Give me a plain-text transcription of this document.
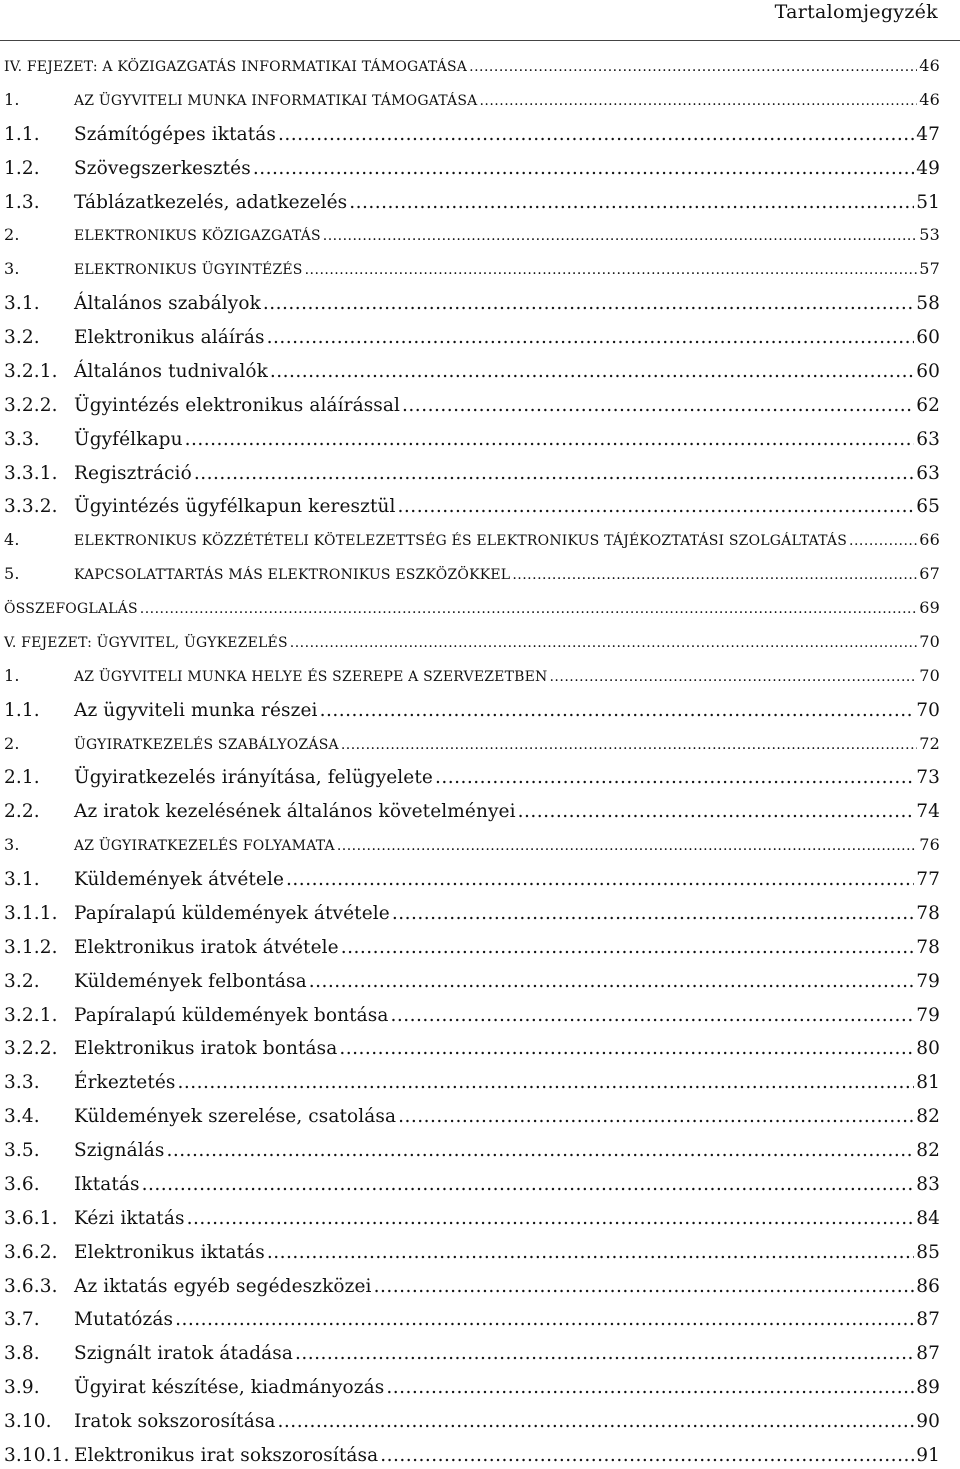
Tartalomjegyzék
IV. FEJEZET: A KÖZIGAZGATÁS INFORMATIKAI TÁMOGATÁSA .....	46
1.	AZ ÜGYVITELI MUNKA INFORMATIKAI TÁMOGATÁSA .....	46
1.1.	Számítógépes iktatás .....	47
1.2.	Szövegszerkesztés .....	49
1.3.	Táblázatkezelés, adatkezelés .....	51
2.	ELEKTRONIKUS KÖZIGAZGATÁS .....	53
3.	ELEKTRONIKUS ÜGYINTÉZÉS .....	57
3.1.	Általános szabályok .....	58
3.2.	Elektronikus aláírás .....	60
3.2.1. Általános tudnivalók .....	60
3.2.2. Ügyintézés elektronikus aláírással .....	62
3.3.	Ügyfélkapu .....	63
3.3.1. Regisztráció .....	63
3.3.2. Ügyintézés ügyfélkapun keresztül .....	65
4.	ELEKTRONIKUS KÖZZÉTÉTELI KÖTELEZETTSÉG ÉS ELEKTRONIKUS TÁJÉKOZTATÁSI SZOLGÁLTATÁS .....	66
5.	KAPCSOLATTARTÁS MÁS ELEKTRONIKUS ESZKÖZÖKKEL .....	67
ÖSSZEFOGLALÁS .....	69
V. FEJEZET: ÜGYVITEL, ÜGYKEZELÉS .....	70
1.	AZ ÜGYVITELI MUNKA HELYE ÉS SZEREPE A SZERVEZETBEN .....	70
1.1.	Az ügyviteli munka részei .....	70
2.	ÜGYIRATKEZELÉS SZABÁLYOZÁSA .....	72
2.1.	Ügyiratkezelés irányítása, felügyelete .....	73
2.2.	Az iratok kezelésének általános követelményei .....	74
3.	AZ ÜGYIRATKEZELÉS FOLYAMATA .....	76
3.1.	Küldemények átvétele .....	77
3.1.1. Papíralapú küldemények átvétele .....	78
3.1.2. Elektronikus iratok átvétele .....	78
3.2.	Küldemények felbontása .....	79
3.2.1. Papíralapú küldemények bontása .....	79
3.2.2. Elektronikus iratok bontása .....	80
3.3.	Érkeztetés .....	81
3.4.	Küldemények szerelése, csatolása .....	82
3.5.	Szignálás .....	82
3.6.	Iktatás .....	83
3.6.1. Kézi iktatás .....	84
3.6.2. Elektronikus iktatás .....	85
3.6.3. Az iktatás egyéb segédeszközei .....	86
3.7.	Mutatózás .....	87
3.8.	Szignált iratok átadása .....	87
3.9.	Ügyirat készítése, kiadmányozás .....	89
3.10.	Iratok sokszorosítása .....	90
3.10.1. Elektronikus irat sokszorosítása .....	91
